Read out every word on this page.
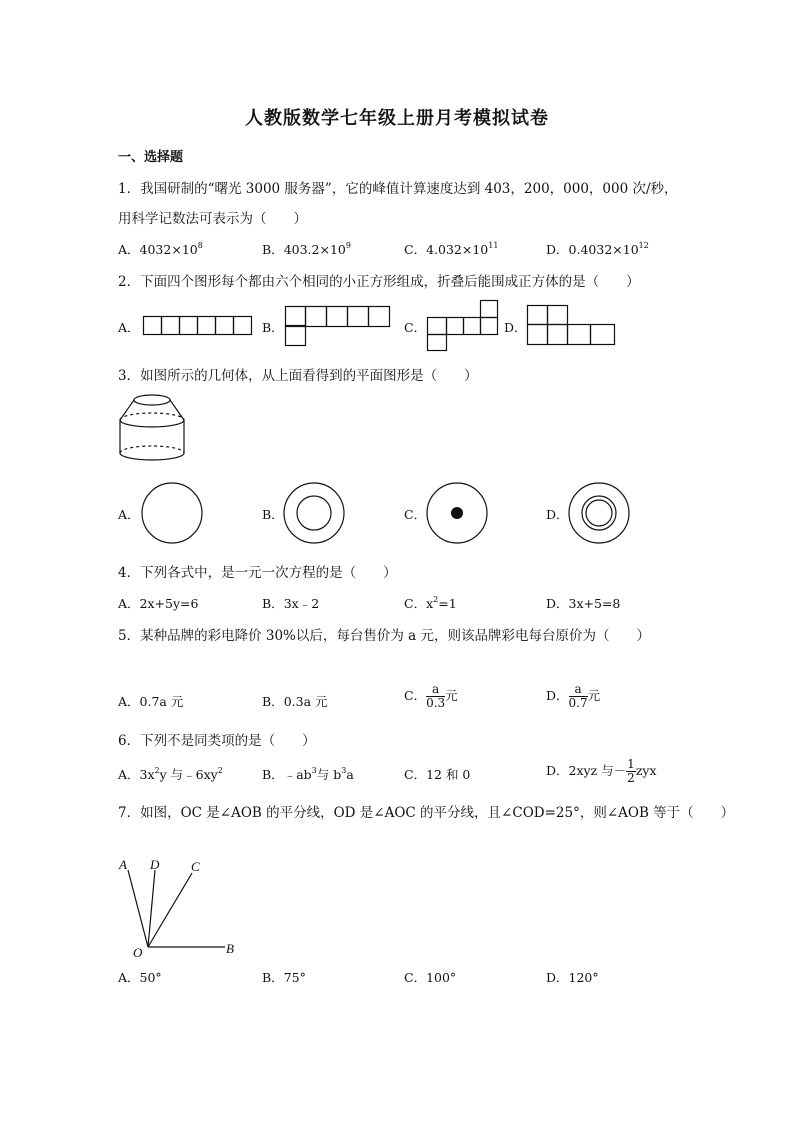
人教版数学七年级上册月考模拟试卷
一、选择题
1．我国研制的“曙光 3000 服务器”，它的峰值计算速度达到 403，200，000，000 次/秒，
用科学记数法可表示为（　　）
A．$4032\times 10^8$	B．$403.2\times 10^9$	C．$4.032\times 10^{11}$	D．$0.4032\times 10^{12}$
2．下面四个图形每个都由六个相同的小正方形组成，折叠后能围成正方体的是（　　）
A．	B．	C．	D．
3．如图所示的几何体，从上面看得到的平面图形是（　　）
A．	B．	C．	D．
4．下列各式中，是一元一次方程的是（　　）
A．2x+5y=6	B．3x﹣2	C．$x^2=1$	D．3x+5=8
5．某种品牌的彩电降价 30%以后，每台售价为 a 元，则该品牌彩电每台原价为（　　）
A．0.7a 元	B．0.3a 元	C． $\frac{a}{0.3}$ 元	D． $\frac{a}{0.7}$ 元
6．下列不是同类项的是（　　）
A．$3x^2y$ 与$﹣6xy^2$	B．$﹣ab^3$与 $b^3a$	C．12 和 0	D．2xyz 与－ $\frac{1}{2}$ zyx
7．如图，OC 是∠AOB 的平分线，OD 是∠AOC 的平分线，且∠COD=25°，则∠AOB 等于（　　）
A D C
O	B
A．50°	B．75°	C．100°	D．120°
